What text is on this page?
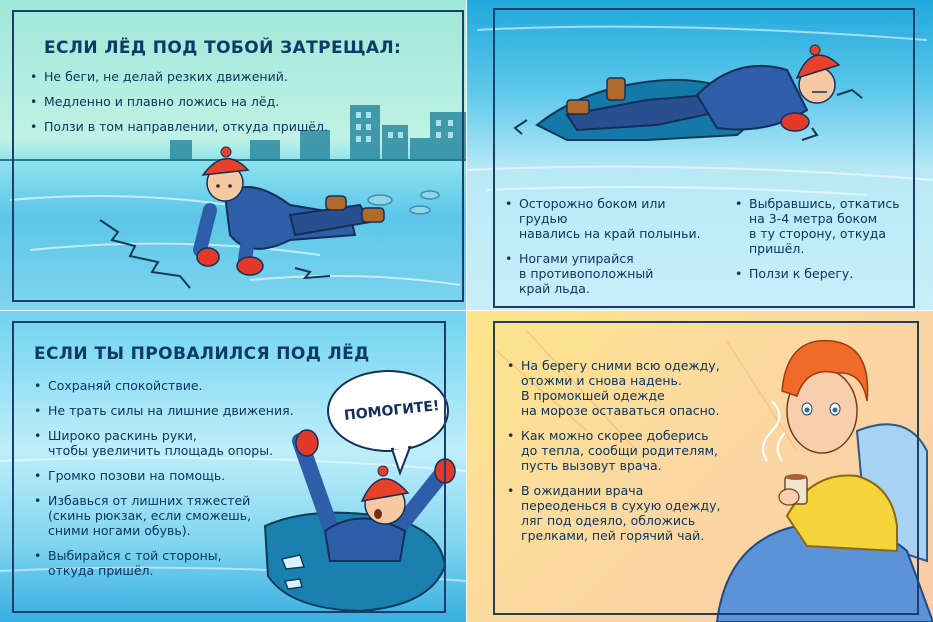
ЕСЛИ ЛЁД ПОД ТОБОЙ ЗАТРЕЩАЛ:
• Не беги, не делай резких движений.
• Медленно и плавно ложись на лёд.
• Ползи в том направлении, откуда пришёл.
• Осторожно боком или грудью
навались на край полыньи.
• Ногами упирайся
в противоположный
край льда.
• Выбравшись, откатись
на 3-4 метра боком
в ту сторону, откуда
пришёл.
• Ползи к берегу.
ЕСЛИ ТЫ ПРОВАЛИЛСЯ ПОД ЛЁД
ПОМОГИТЕ!
• Сохраняй спокойствие.
• Не трать силы на лишние движения.
• Широко раскинь руки,
чтобы увеличить площадь опоры.
• Громко позови на помощь.
• Избавься от лишних тяжестей
(скинь рюкзак, если сможешь,
сними ногами обувь).
• Выбирайся с той стороны,
откуда пришёл.
• На берегу сними всю одежду,
отожми и снова надень.
В промокшей одежде
на морозе оставаться опасно.
• Как можно скорее доберись
до тепла, сообщи родителям,
пусть вызовут врача.
• В ожидании врача
переоденься в сухую одежду,
ляг под одеяло, обложись
грелками, пей горячий чай.
